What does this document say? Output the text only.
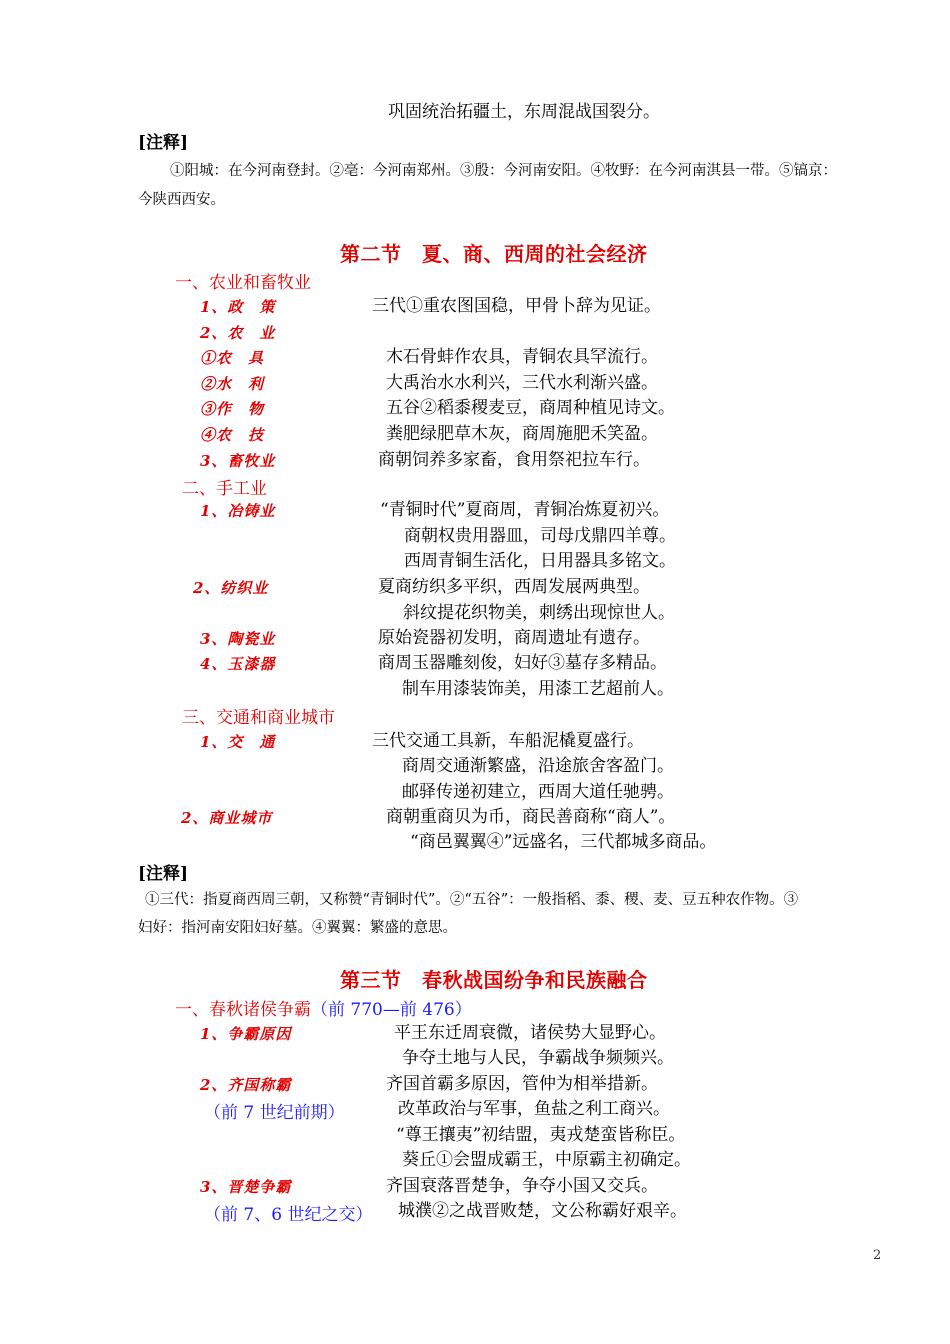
巩固统治拓疆土，东周混战国裂分。
[注释]
①阳城：在今河南登封。②亳：今河南郑州。③殷：今河南安阳。④牧野：在今河南淇县一带。⑤镐京：
今陕西西安。
第二节　夏、商、西周的社会经济
一、农业和畜牧业
1、政　策	三代①重农图国稳，甲骨卜辞为见证。
2、农　业
①农　具	木石骨蚌作农具，青铜农具罕流行。
②水　利	大禹治水水利兴，三代水利渐兴盛。
③作　物	五谷②稻黍稷麦豆，商周种植见诗文。
④农　技	粪肥绿肥草木灰，商周施肥禾笑盈。
3、畜牧业	商朝饲养多家畜，食用祭祀拉车行。
二、手工业
1、冶铸业	“青铜时代”夏商周，青铜冶炼夏初兴。
商朝权贵用器皿，司母戊鼎四羊尊。
西周青铜生活化，日用器具多铭文。
2、纺织业	夏商纺织多平织，西周发展两典型。
斜纹提花织物美，刺绣出现惊世人。
3、陶瓷业	原始瓷器初发明，商周遗址有遗存。
4、玉漆器	商周玉器雕刻俊，妇好③墓存多精品。
制车用漆装饰美，用漆工艺超前人。
三、交通和商业城市
1、交　通	三代交通工具新，车船泥橇夏盛行。
商周交通渐繁盛，沿途旅舍客盈门。
邮驿传递初建立，西周大道任驰骋。
2、商业城市	商朝重商贝为币，商民善商称“商人”。
“商邑翼翼④”远盛名，三代都城多商品。
[注释]
①三代：指夏商西周三朝，又称赞“青铜时代”。②“五谷”：一般指稻、黍、稷、麦、豆五种农作物。③
妇好：指河南安阳妇好墓。④翼翼：繁盛的意思。
第三节　春秋战国纷争和民族融合
一、春秋诸侯争霸（前 770—前 476）
1、争霸原因	平王东迁周衰微，诸侯势大显野心。
争夺土地与人民，争霸战争频频兴。
2、齐国称霸	齐国首霸多原因，管仲为相举措新。
（前 7 世纪前期）	改革政治与军事，鱼盐之利工商兴。
“尊王攘夷”初结盟，夷戎楚蛮皆称臣。
葵丘①会盟成霸王，中原霸主初确定。
3、晋楚争霸	齐国衰落晋楚争，争夺小国又交兵。
（前 7、6 世纪之交） 城濮②之战晋败楚，文公称霸好艰辛。
2
